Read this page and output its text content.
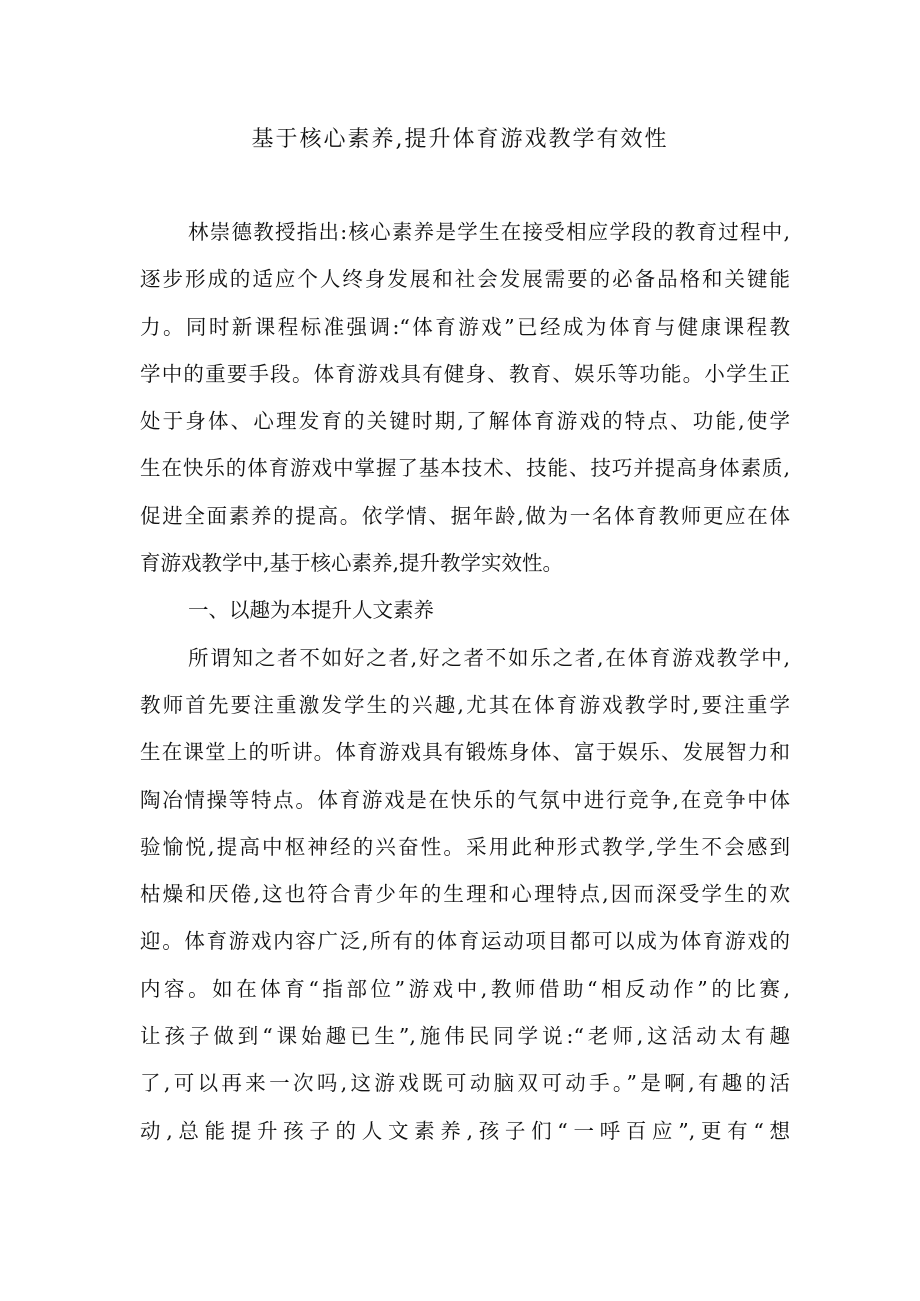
基于核心素养,提升体育游戏教学有效性
林崇德教授指出:核心素养是学生在接受相应学段的教育过程中,
逐步形成的适应个人终身发展和社会发展需要的必备品格和关键能
力。同时新课程标准强调:“体育游戏”已经成为体育与健康课程教
学中的重要手段。体育游戏具有健身、教育、娱乐等功能。小学生正
处于身体、心理发育的关键时期,了解体育游戏的特点、功能,使学
生在快乐的体育游戏中掌握了基本技术、技能、技巧并提高身体素质,
促进全面素养的提高。依学情、据年龄,做为一名体育教师更应在体
育游戏教学中,基于核心素养,提升教学实效性。
一、以趣为本提升人文素养
所谓知之者不如好之者,好之者不如乐之者,在体育游戏教学中,
教师首先要注重激发学生的兴趣,尤其在体育游戏教学时,要注重学
生在课堂上的听讲。体育游戏具有锻炼身体、富于娱乐、发展智力和
陶冶情操等特点。体育游戏是在快乐的气氛中进行竞争,在竞争中体
验愉悦,提高中枢神经的兴奋性。采用此种形式教学,学生不会感到
枯燥和厌倦,这也符合青少年的生理和心理特点,因而深受学生的欢
迎。体育游戏内容广泛,所有的体育运动项目都可以成为体育游戏的
内容。如在体育“指部位”游戏中,教师借助“相反动作”的比赛,
让孩子做到“课始趣已生”,施伟民同学说:“老师,这活动太有趣
了,可以再来一次吗,这游戏既可动脑双可动手。”是啊,有趣的活
动,总能提升孩子的人文素养,孩子们“一呼百应”,更有“想
